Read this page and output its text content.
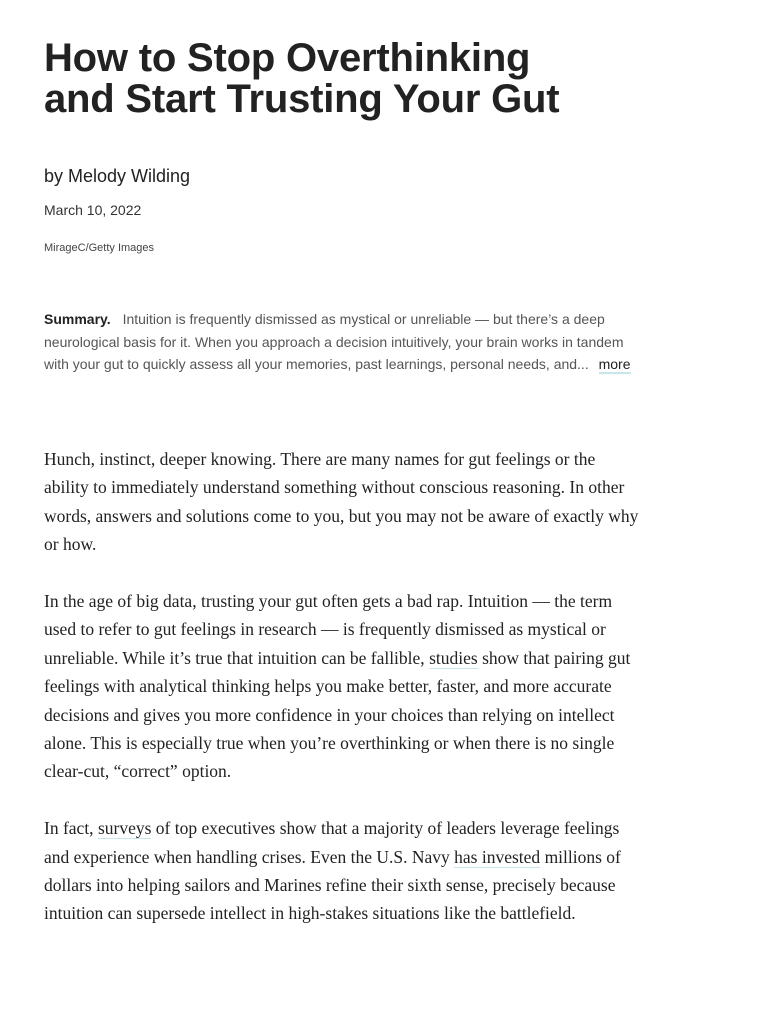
How to Stop Overthinking and Start Trusting Your Gut
by Melody Wilding
March 10, 2022
MirageC/Getty Images
Summary. Intuition is frequently dismissed as mystical or unreliable — but there’s a deep neurological basis for it. When you approach a decision intuitively, your brain works in tandem with your gut to quickly assess all your memories, past learnings, personal needs, and... more

Hunch, instinct, deeper knowing. There are many names for gut feelings or the ability to immediately understand something without conscious reasoning. In other words, answers and solutions come to you, but you may not be aware of exactly why or how.

In the age of big data, trusting your gut often gets a bad rap. Intuition — the term used to refer to gut feelings in research — is frequently dismissed as mystical or unreliable. While it’s true that intuition can be fallible, studies show that pairing gut feelings with analytical thinking helps you make better, faster, and more accurate decisions and gives you more confidence in your choices than relying on intellect alone. This is especially true when you’re overthinking or when there is no single clear-cut, “correct” option.

In fact, surveys of top executives show that a majority of leaders leverage feelings and experience when handling crises. Even the U.S. Navy has invested millions of dollars into helping sailors and Marines refine their sixth sense, precisely because intuition can supersede intellect in high-stakes situations like the battlefield.
